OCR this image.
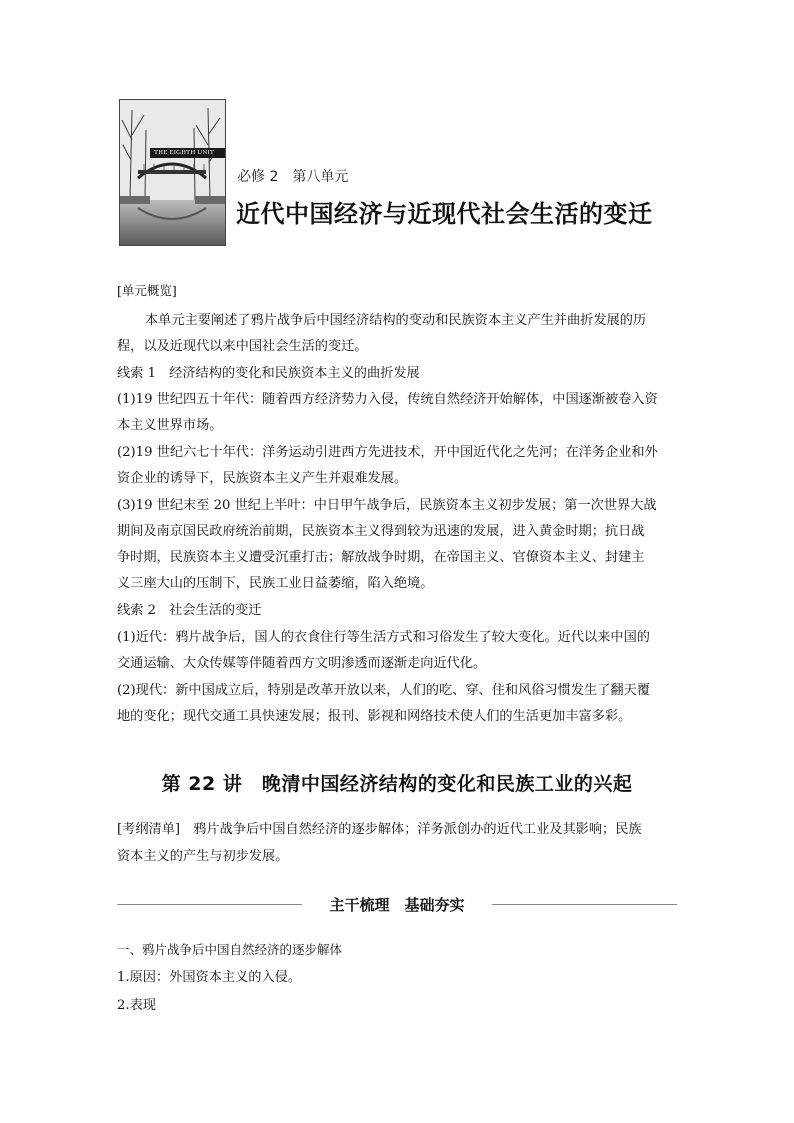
THE EIGHTH UNIT
必修 2　第八单元
近代中国经济与近现代社会生活的变迁
[单元概览]
本单元主要阐述了鸦片战争后中国经济结构的变动和民族资本主义产生并曲折发展的历
程，以及近现代以来中国社会生活的变迁。
线索 1　经济结构的变化和民族资本主义的曲折发展
(1)19 世纪四五十年代：随着西方经济势力入侵，传统自然经济开始解体，中国逐渐被卷入资
本主义世界市场。
(2)19 世纪六七十年代：洋务运动引进西方先进技术，开中国近代化之先河；在洋务企业和外
资企业的诱导下，民族资本主义产生并艰难发展。
(3)19 世纪末至 20 世纪上半叶：中日甲午战争后，民族资本主义初步发展；第一次世界大战
期间及南京国民政府统治前期，民族资本主义得到较为迅速的发展，进入黄金时期；抗日战
争时期，民族资本主义遭受沉重打击；解放战争时期，在帝国主义、官僚资本主义、封建主
义三座大山的压制下，民族工业日益萎缩，陷入绝境。
线索 2　社会生活的变迁
(1)近代：鸦片战争后，国人的衣食住行等生活方式和习俗发生了较大变化。近代以来中国的
交通运输、大众传媒等伴随着西方文明渗透而逐渐走向近代化。
(2)现代：新中国成立后，特别是改革开放以来，人们的吃、穿、住和风俗习惯发生了翻天覆
地的变化；现代交通工具快速发展；报刊、影视和网络技术使人们的生活更加丰富多彩。
第 22 讲　晚清中国经济结构的变化和民族工业的兴起
[考纲清单]　鸦片战争后中国自然经济的逐步解体；洋务派创办的近代工业及其影响；民族
资本主义的产生与初步发展。
主干梳理　基础夯实
一、鸦片战争后中国自然经济的逐步解体
1.原因：外国资本主义的入侵。
2.表现
